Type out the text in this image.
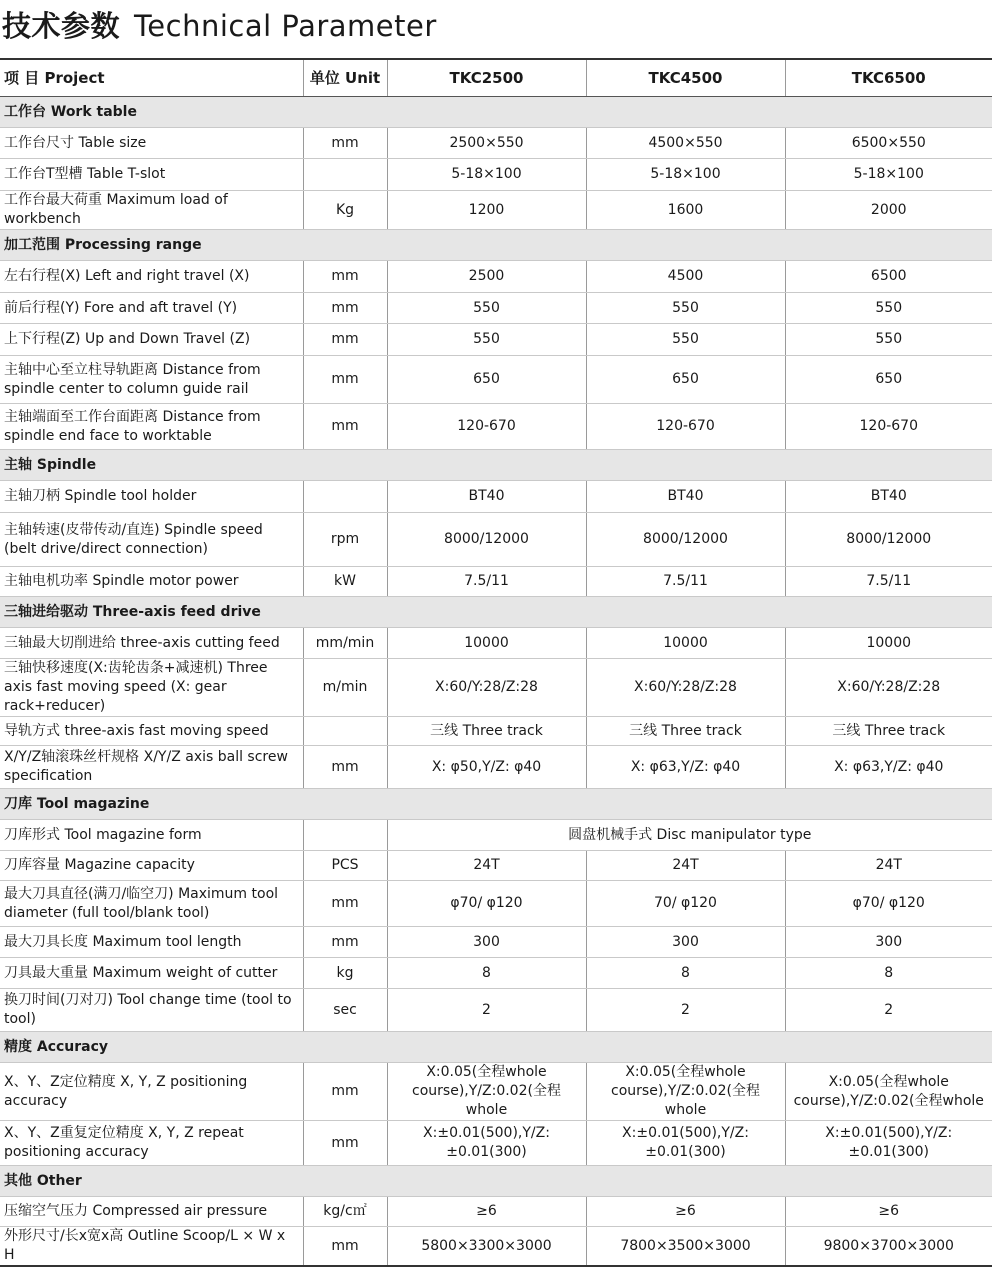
技术参数 Technical Parameter
项 目 Project	单位 Unit	TKC2500	TKC4500	TKC6500
工作台 Work table				
工作台尺寸 Table size	mm	2500×550	4500×550	6500×550
工作台T型槽 Table T-slot		5-18×100	5-18×100	5-18×100
工作台最大荷重 Maximum load of workbench	Kg	1200	1600	2000
加工范围 Processing range				
左右行程(X) Left and right travel (X)	mm	2500	4500	6500
前后行程(Y) Fore and aft travel (Y)	mm	550	550	550
上下行程(Z) Up and Down Travel (Z)	mm	550	550	550
主轴中心至立柱导轨距离 Distance from spindle center to column guide rail	mm	650	650	650
主轴端面至工作台面距离 Distance from spindle end face to worktable	mm	120-670	120-670	120-670
主轴 Spindle				
主轴刀柄 Spindle tool holder		BT40	BT40	BT40
主轴转速(皮带传动/直连) Spindle speed (belt drive/direct connection)	rpm	8000/12000	8000/12000	8000/12000
主轴电机功率 Spindle motor power	kW	7.5/11	7.5/11	7.5/11
三轴进给驱动 Three-axis feed drive				
三轴最大切削进给 three-axis cutting feed	mm/min	10000	10000	10000
三轴快移速度(X:齿轮齿条+减速机) Three axis fast moving speed (X: gear rack+reducer)	m/min	X:60/Y:28/Z:28	X:60/Y:28/Z:28	X:60/Y:28/Z:28
导轨方式 three-axis fast moving speed		三线 Three track	三线 Three track	三线 Three track
X/Y/Z轴滚珠丝杆规格 X/Y/Z axis ball screw specification	mm	X: φ50,Y/Z: φ40	X: φ63,Y/Z: φ40	X: φ63,Y/Z: φ40
刀库 Tool magazine				
刀库形式 Tool magazine form		圆盘机械手式 Disc manipulator type		
刀库容量 Magazine capacity	PCS	24T	24T	24T
最大刀具直径(满刀/临空刀) Maximum tool diameter (full tool/blank tool)	mm	φ70/ φ120	70/ φ120	φ70/ φ120
最大刀具长度 Maximum tool length	mm	300	300	300
刀具最大重量 Maximum weight of cutter	kg	8	8	8
换刀时间(刀对刀) Tool change time (tool to tool)	sec	2	2	2
精度 Accuracy				
X、Y、Z定位精度 X, Y, Z positioning accuracy	mm	X:0.05(全程whole course),Y/Z:0.02(全程whole	X:0.05(全程whole course),Y/Z:0.02(全程whole	X:0.05(全程whole course),Y/Z:0.02(全程whole
X、Y、Z重复定位精度 X, Y, Z repeat positioning accuracy	mm	X:±0.01(500),Y/Z:±0.01(300)	X:±0.01(500),Y/Z:±0.01(300)	X:±0.01(500),Y/Z:±0.01(300)
其他 Other				
压缩空气压力 Compressed air pressure	kg/c㎡	≥6	≥6	≥6
外形尺寸/长x宽x高 Outline Scoop/L × W x H	mm	5800×3300×3000	7800×3500×3000	9800×3700×3000
